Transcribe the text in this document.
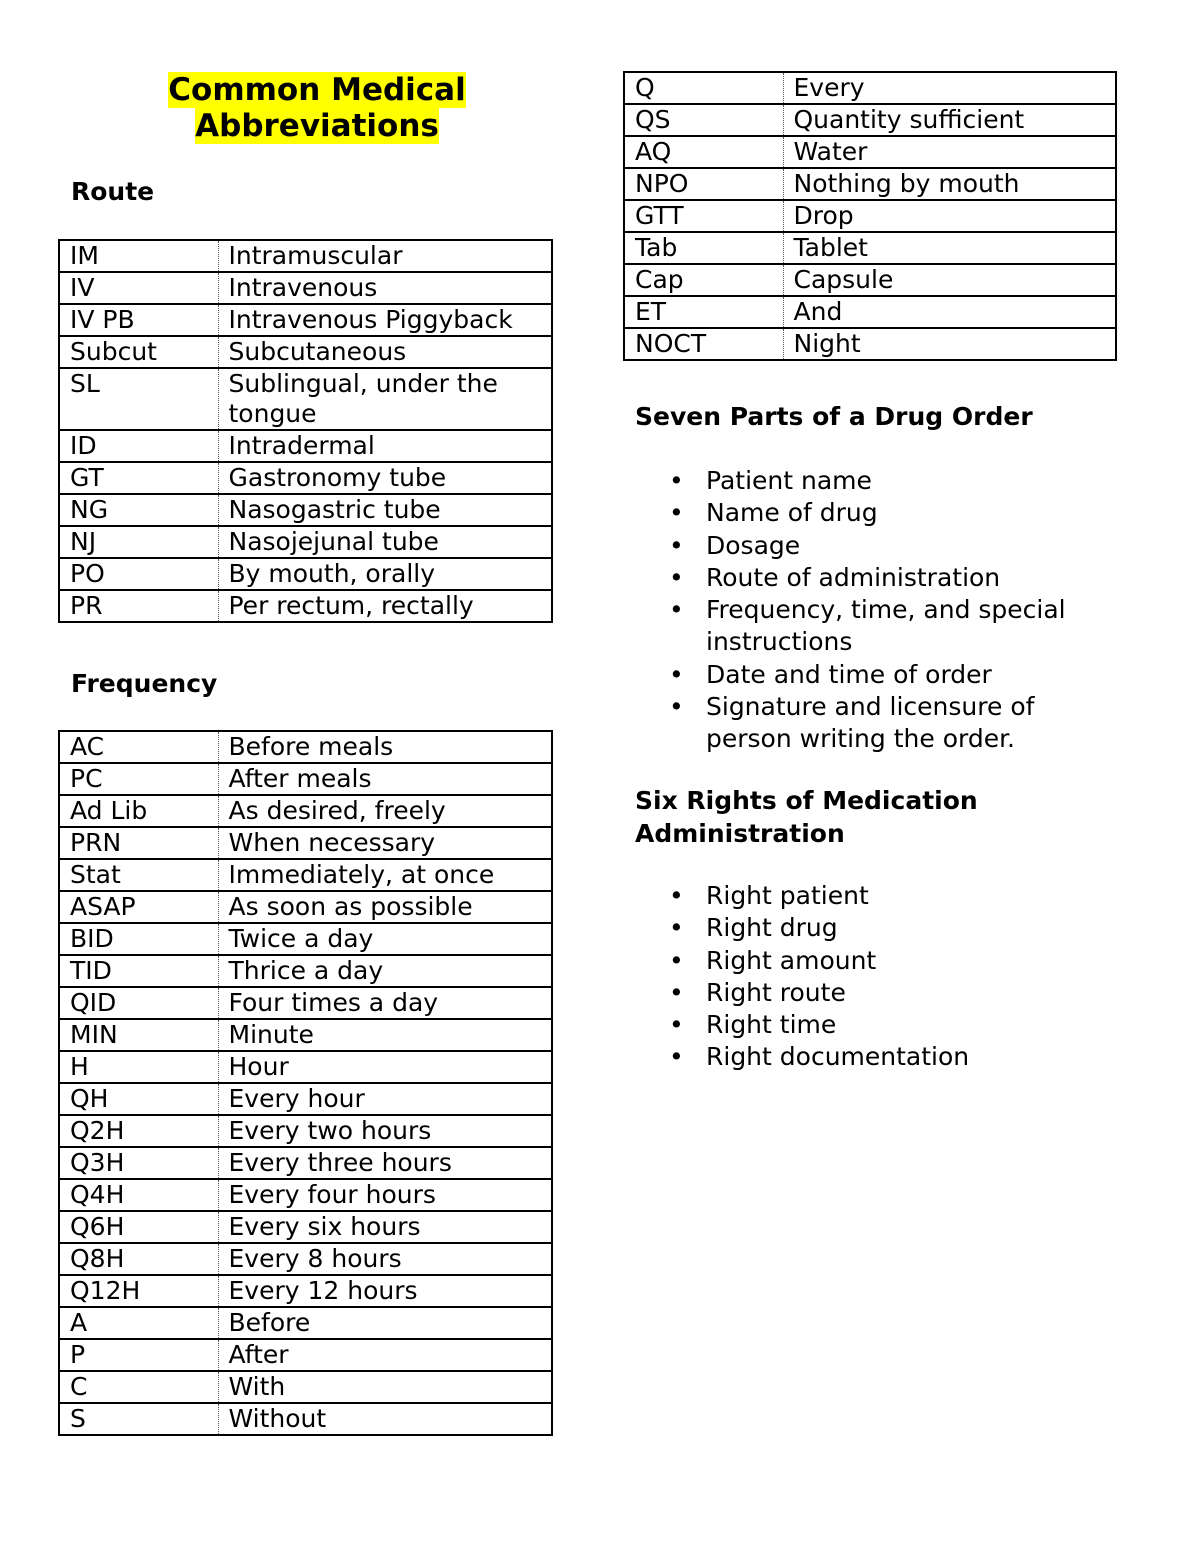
Common Medical
Abbreviations
Route
IM	Intramuscular
IV	Intravenous
IV PB	Intravenous Piggyback
Subcut	Subcutaneous
SL	Sublingual, under the tongue
ID	Intradermal
GT	Gastronomy tube
NG	Nasogastric tube
NJ	Nasojejunal tube
PO	By mouth, orally
PR	Per rectum, rectally
Frequency
AC	Before meals
PC	After meals
Ad Lib	As desired, freely
PRN	When necessary
Stat	Immediately, at once
ASAP	As soon as possible
BID	Twice a day
TID	Thrice a day
QID	Four times a day
MIN	Minute
H	Hour
QH	Every hour
Q2H	Every two hours
Q3H	Every three hours
Q4H	Every four hours
Q6H	Every six hours
Q8H	Every 8 hours
Q12H	Every 12 hours
A	Before
P	After
C	With
S	Without
Q	Every
QS	Quantity sufficient
AQ	Water
NPO	Nothing by mouth
GTT	Drop
Tab	Tablet
Cap	Capsule
ET	And
NOCT	Night
Seven Parts of a Drug Order
• Patient name
• Name of drug
• Dosage
• Route of administration
• Frequency, time, and special instructions
• Date and time of order
• Signature and licensure of person writing the order.
Six Rights of Medication
Administration
• Right patient
• Right drug
• Right amount
• Right route
• Right time
• Right documentation
